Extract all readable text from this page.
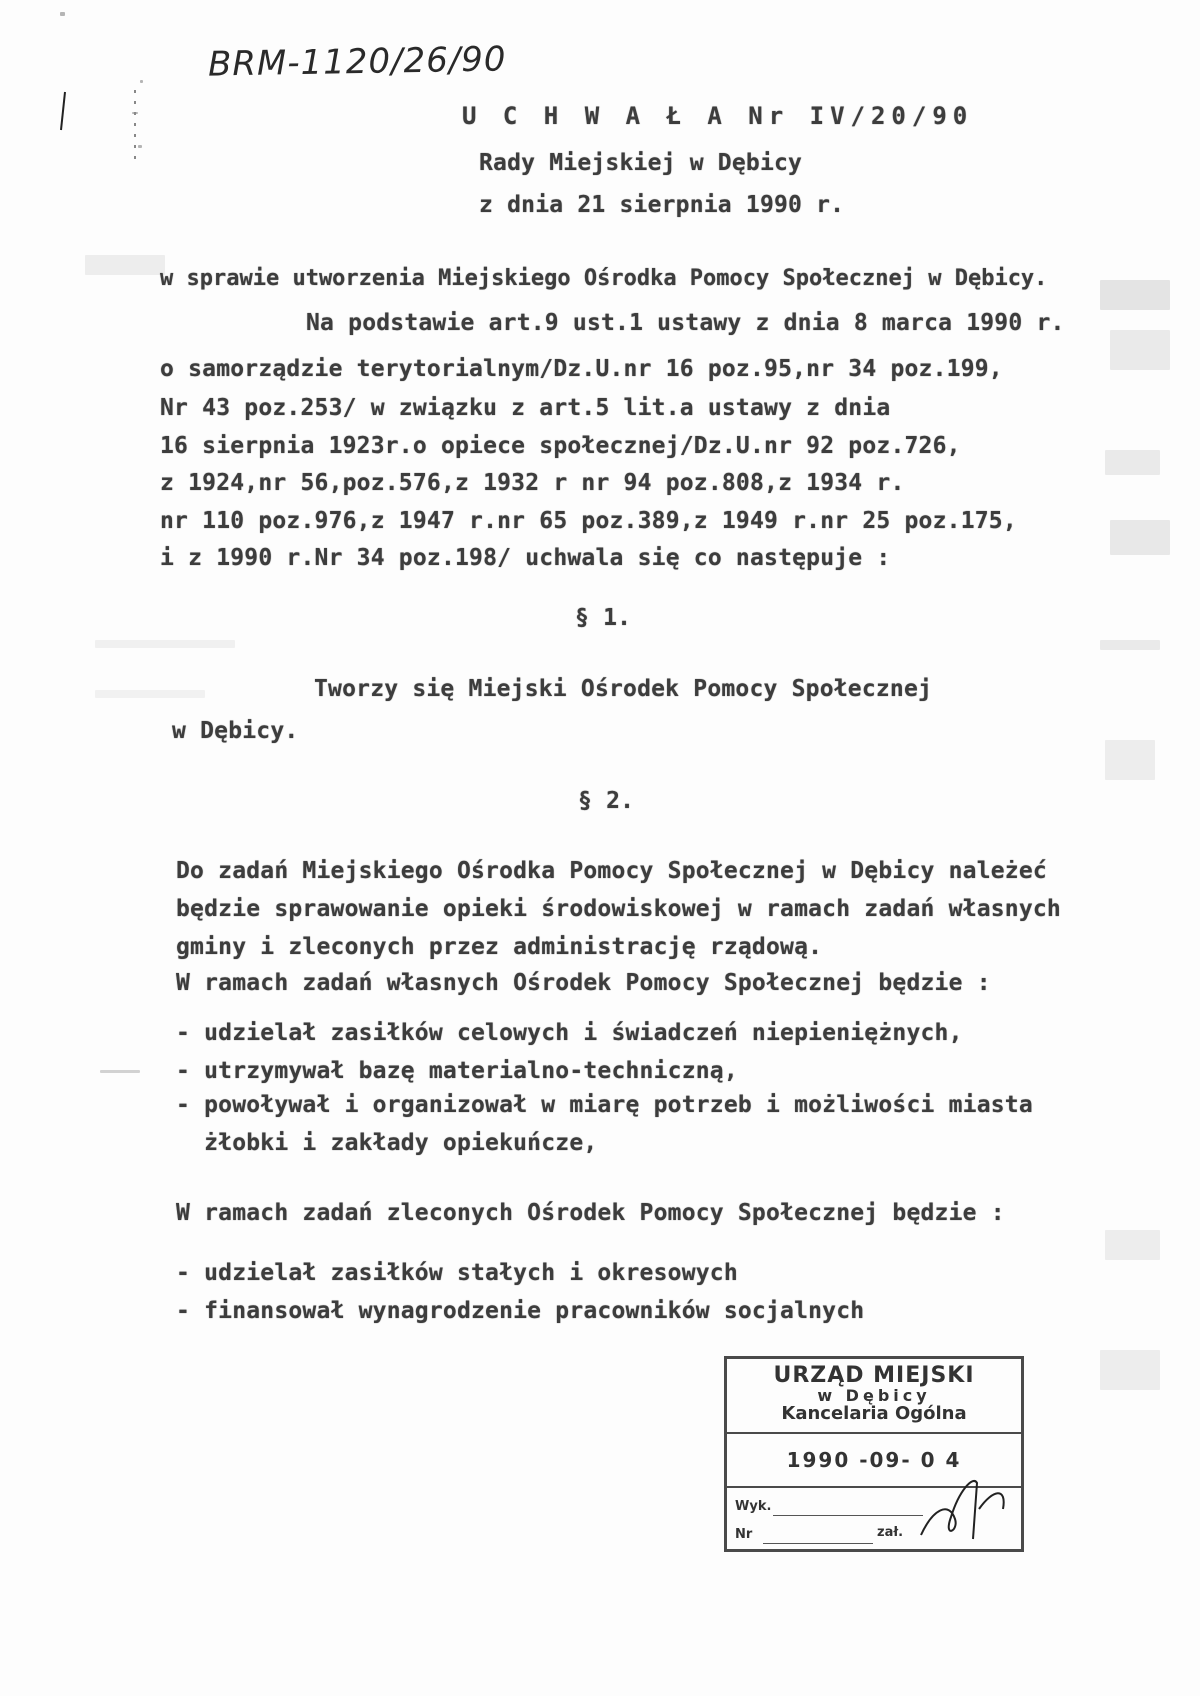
BRM-1120/26/90
U C H W A Ł A Nr IV/20/90
Rady Miejskiej w Dębicy
z dnia 21 sierpnia 1990 r.
w sprawie utworzenia Miejskiego Ośrodka Pomocy Społecznej w Dębicy.
Na podstawie art.9 ust.1 ustawy z dnia 8 marca 1990 r.
o samorządzie terytorialnym/Dz.U.nr 16 poz.95,nr 34 poz.199,
Nr 43 poz.253/ w związku z art.5 lit.a ustawy z dnia
16 sierpnia 1923r.o opiece społecznej/Dz.U.nr 92 poz.726,
z 1924,nr 56,poz.576,z 1932 r nr 94 poz.808,z 1934 r.
nr 110 poz.976,z 1947 r.nr 65 poz.389,z 1949 r.nr 25 poz.175,
i z 1990 r.Nr 34 poz.198/ uchwala się co następuje :
§ 1.
Tworzy się Miejski Ośrodek Pomocy Społecznej
w Dębicy.
§ 2.
Do zadań Miejskiego Ośrodka Pomocy Społecznej w Dębicy należeć
będzie sprawowanie opieki środowiskowej w ramach zadań własnych
gminy i zleconych przez administrację rządową.
W ramach zadań własnych Ośrodek Pomocy Społecznej będzie :
- udzielał zasiłków celowych i świadczeń niepieniężnych,
- utrzymywał bazę materialno-techniczną,
- powoływał i organizował w miarę potrzeb i możliwości miasta
żłobki i zakłady opiekuńcze,
W ramach zadań zleconych Ośrodek Pomocy Społecznej będzie :
- udzielał zasiłków stałych i okresowych
- finansował wynagrodzenie pracowników socjalnych
URZĄD MIEJSKI
w Dębicy
Kancelaria Ogólna
1990 -09- 0 4
Wyk.
Nr	zał.
